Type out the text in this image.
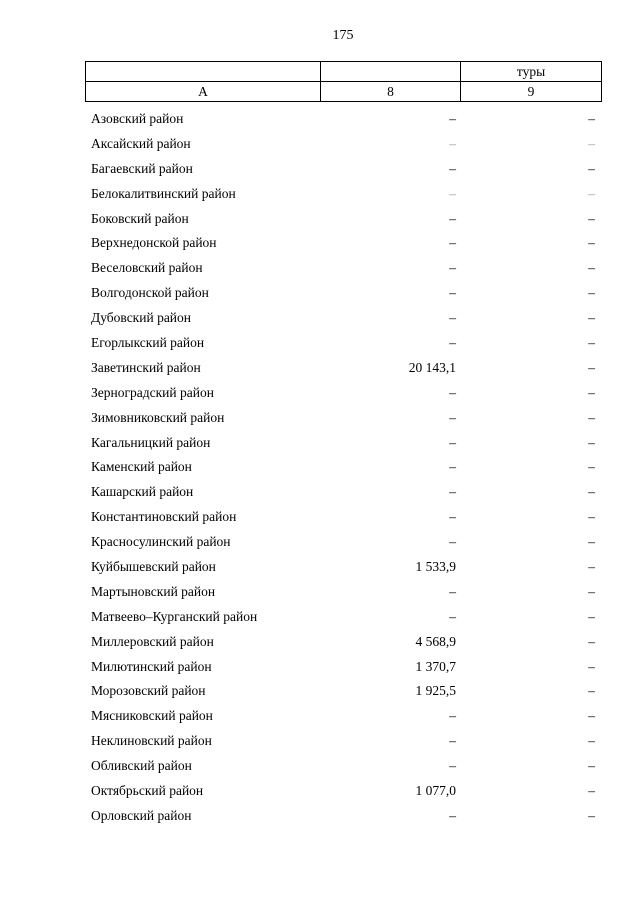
175
		туры
А	8	9
Азовский район	–	–
Аксайский район	–	–
Багаевский район	–	–
Белокалитвинский район	–	–
Боковский район	–	–
Верхнедонской район	–	–
Веселовский район	–	–
Волгодонской район	–	–
Дубовский район	–	–
Егорлыкский район	–	–
Заветинский район	20 143,1	–
Зерноградский район	–	–
Зимовниковский район	–	–
Кагальницкий район	–	–
Каменский район	–	–
Кашарский район	–	–
Константиновский район	–	–
Красносулинский район	–	–
Куйбышевский район	1 533,9	–
Мартыновский район	–	–
Матвеево–Курганский район	–	–
Миллеровский район	4 568,9	–
Милютинский район	1 370,7	–
Морозовский район	1 925,5	–
Мясниковский район	–	–
Неклиновский район	–	–
Обливский район	–	–
Октябрьский район	1 077,0	–
Орловский район	–	–
